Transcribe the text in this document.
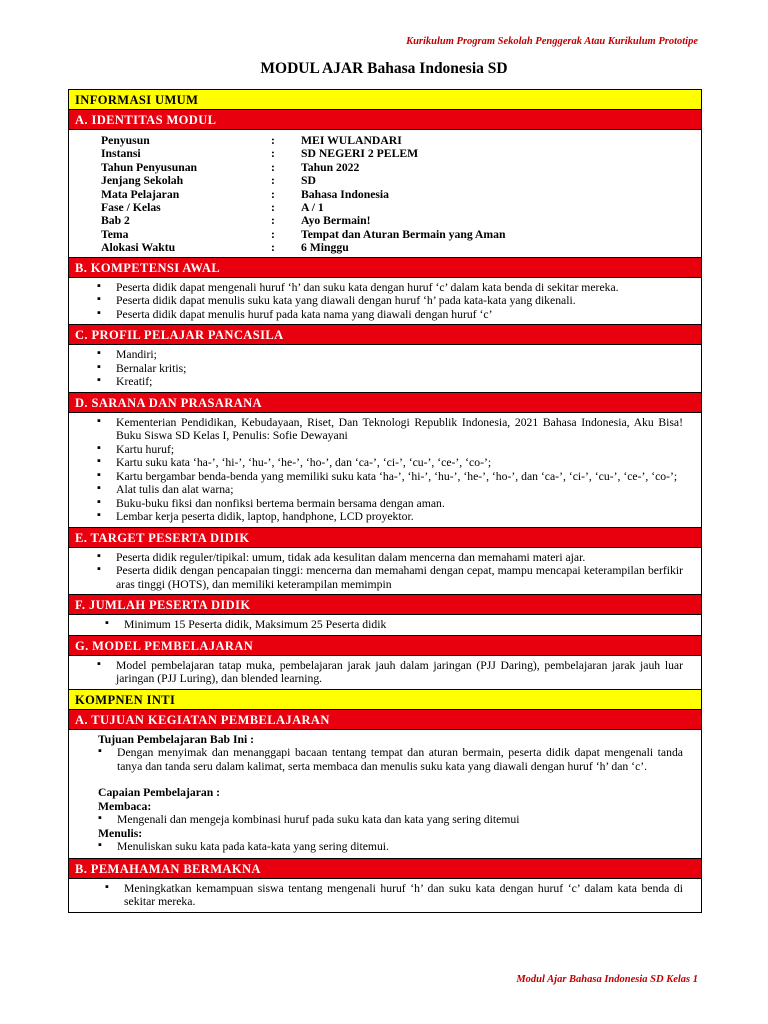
Kurikulum Program Sekolah Penggerak Atau Kurikulum Prototipe
MODUL AJAR Bahasa Indonesia SD
INFORMASI UMUM
A. IDENTITAS MODUL
Penyusun	:	MEI WULANDARI
Instansi	:	SD NEGERI 2 PELEM
Tahun Penyusunan	:	Tahun 2022
Jenjang Sekolah	:	SD
Mata Pelajaran	:	Bahasa Indonesia
Fase / Kelas	:	A / 1
Bab 2	:	Ayo Bermain!
Tema	:	Tempat dan Aturan Bermain yang Aman
Alokasi Waktu	:	6 Minggu
B. KOMPETENSI AWAL
▪ Peserta didik dapat mengenali huruf ‘h’ dan suku kata dengan huruf ‘c’ dalam kata benda di sekitar mereka.
▪ Peserta didik dapat menulis suku kata yang diawali dengan huruf ‘h’ pada kata-kata yang dikenali.
▪ Peserta didik dapat menulis huruf pada kata nama yang diawali dengan huruf ‘c’
C. PROFIL PELAJAR PANCASILA
▪ Mandiri;
▪ Bernalar kritis;
▪ Kreatif;
D. SARANA DAN PRASARANA
▪ Kementerian Pendidikan, Kebudayaan, Riset, Dan Teknologi Republik Indonesia, 2021 Bahasa Indonesia, Aku Bisa! Buku Siswa SD Kelas I, Penulis: Sofie Dewayani
▪ Kartu huruf;
▪ Kartu suku kata ‘ha-’, ‘hi-’, ‘hu-’, ‘he-’, ‘ho-’, dan ‘ca-’, ‘ci-’, ‘cu-’, ‘ce-’, ‘co-’;
▪ Kartu bergambar benda-benda yang memiliki suku kata ‘ha-’, ‘hi-’, ‘hu-’, ‘he-’, ‘ho-’, dan ‘ca-’, ‘ci-’, ‘cu-’, ‘ce-’, ‘co-’;
▪ Alat tulis dan alat warna;
▪ Buku-buku fiksi dan nonfiksi bertema bermain bersama dengan aman.
▪ Lembar kerja peserta didik, laptop, handphone, LCD proyektor.
E. TARGET PESERTA DIDIK
▪ Peserta didik reguler/tipikal: umum, tidak ada kesulitan dalam mencerna dan memahami materi ajar.
▪ Peserta didik dengan pencapaian tinggi: mencerna dan memahami dengan cepat, mampu mencapai keterampilan berfikir aras tinggi (HOTS), dan memiliki keterampilan memimpin
F. JUMLAH PESERTA DIDIK
▪ Minimum 15 Peserta didik, Maksimum 25 Peserta didik
G. MODEL PEMBELAJARAN
▪ Model pembelajaran tatap muka, pembelajaran jarak jauh dalam jaringan (PJJ Daring), pembelajaran jarak jauh luar jaringan (PJJ Luring), dan blended learning.
KOMPNEN INTI
A. TUJUAN KEGIATAN PEMBELAJARAN
Tujuan Pembelajaran Bab Ini :
▪ Dengan menyimak dan menanggapi bacaan tentang tempat dan aturan bermain, peserta didik dapat mengenali tanda tanya dan tanda seru dalam kalimat, serta membaca dan menulis suku kata yang diawali dengan huruf ‘h’ dan ‘c’.
Capaian Pembelajaran :
Membaca:
▪ Mengenali dan mengeja kombinasi huruf pada suku kata dan kata yang sering ditemui
Menulis:
▪ Menuliskan suku kata pada kata-kata yang sering ditemui.
B. PEMAHAMAN BERMAKNA
▪ Meningkatkan kemampuan siswa tentang mengenali huruf ‘h’ dan suku kata dengan huruf ‘c’ dalam kata benda di sekitar mereka.
Modul Ajar Bahasa Indonesia SD Kelas 1
